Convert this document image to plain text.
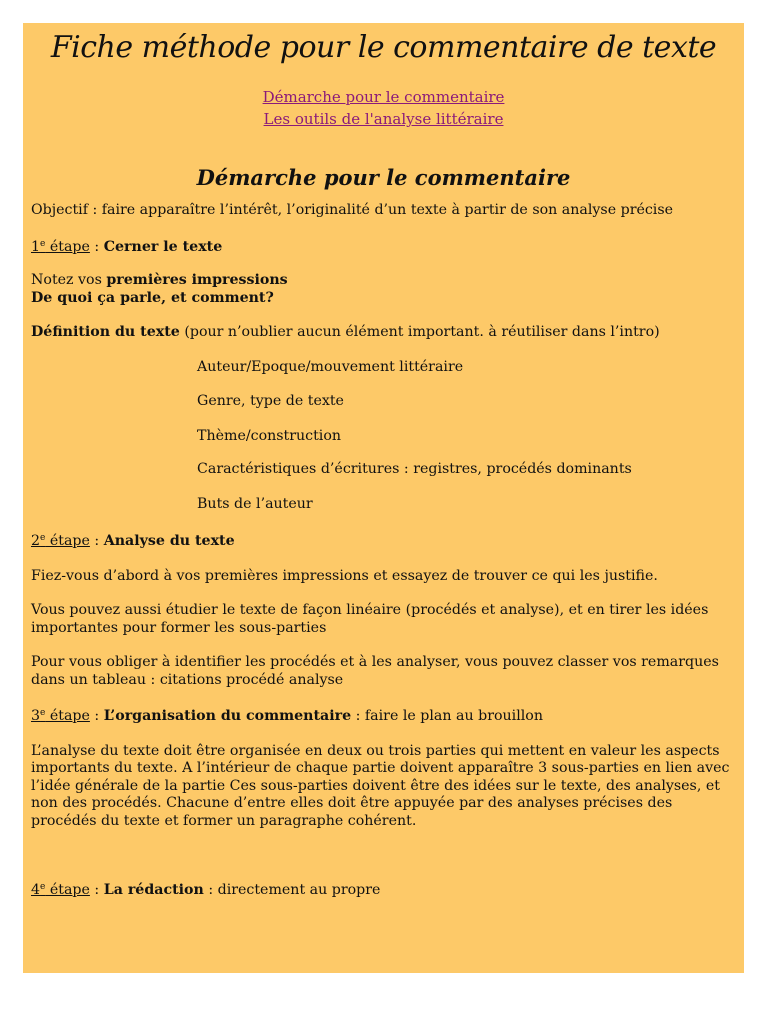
Fiche méthode pour le commentaire de texte
Démarche pour le commentaire
Les outils de l'analyse littéraire
Démarche pour le commentaire

Objectif : faire apparaître l’intérêt, l’originalité d’un texte à partir de son analyse précise

1e étape : Cerner le texte

Notez vos premières impressions
De quoi ça parle, et comment?

Définition du texte (pour n’oublier aucun élément important. à réutiliser dans l’intro)

Auteur/Epoque/mouvement littéraire

Genre, type de texte

Thème/construction

Caractéristiques d’écritures : registres, procédés dominants

Buts de l’auteur

2e étape : Analyse du texte

Fiez-vous d’abord à vos premières impressions et essayez de trouver ce qui les justifie.

Vous pouvez aussi étudier le texte de façon linéaire (procédés et analyse), et en tirer les idées importantes pour former les sous-parties

Pour vous obliger à identifier les procédés et à les analyser, vous pouvez classer vos remarques dans un tableau : citations procédé analyse

3e étape : L’organisation du commentaire : faire le plan au brouillon

L’analyse du texte doit être organisée en deux ou trois parties qui mettent en valeur les aspects importants du texte. A l’intérieur de chaque partie doivent apparaître 3 sous-parties en lien avec l’idée générale de la partie Ces sous-parties doivent être des idées sur le texte, des analyses, et non des procédés. Chacune d’entre elles doit être appuyée par des analyses précises des procédés du texte et former un paragraphe cohérent.

4e étape : La rédaction : directement au propre
